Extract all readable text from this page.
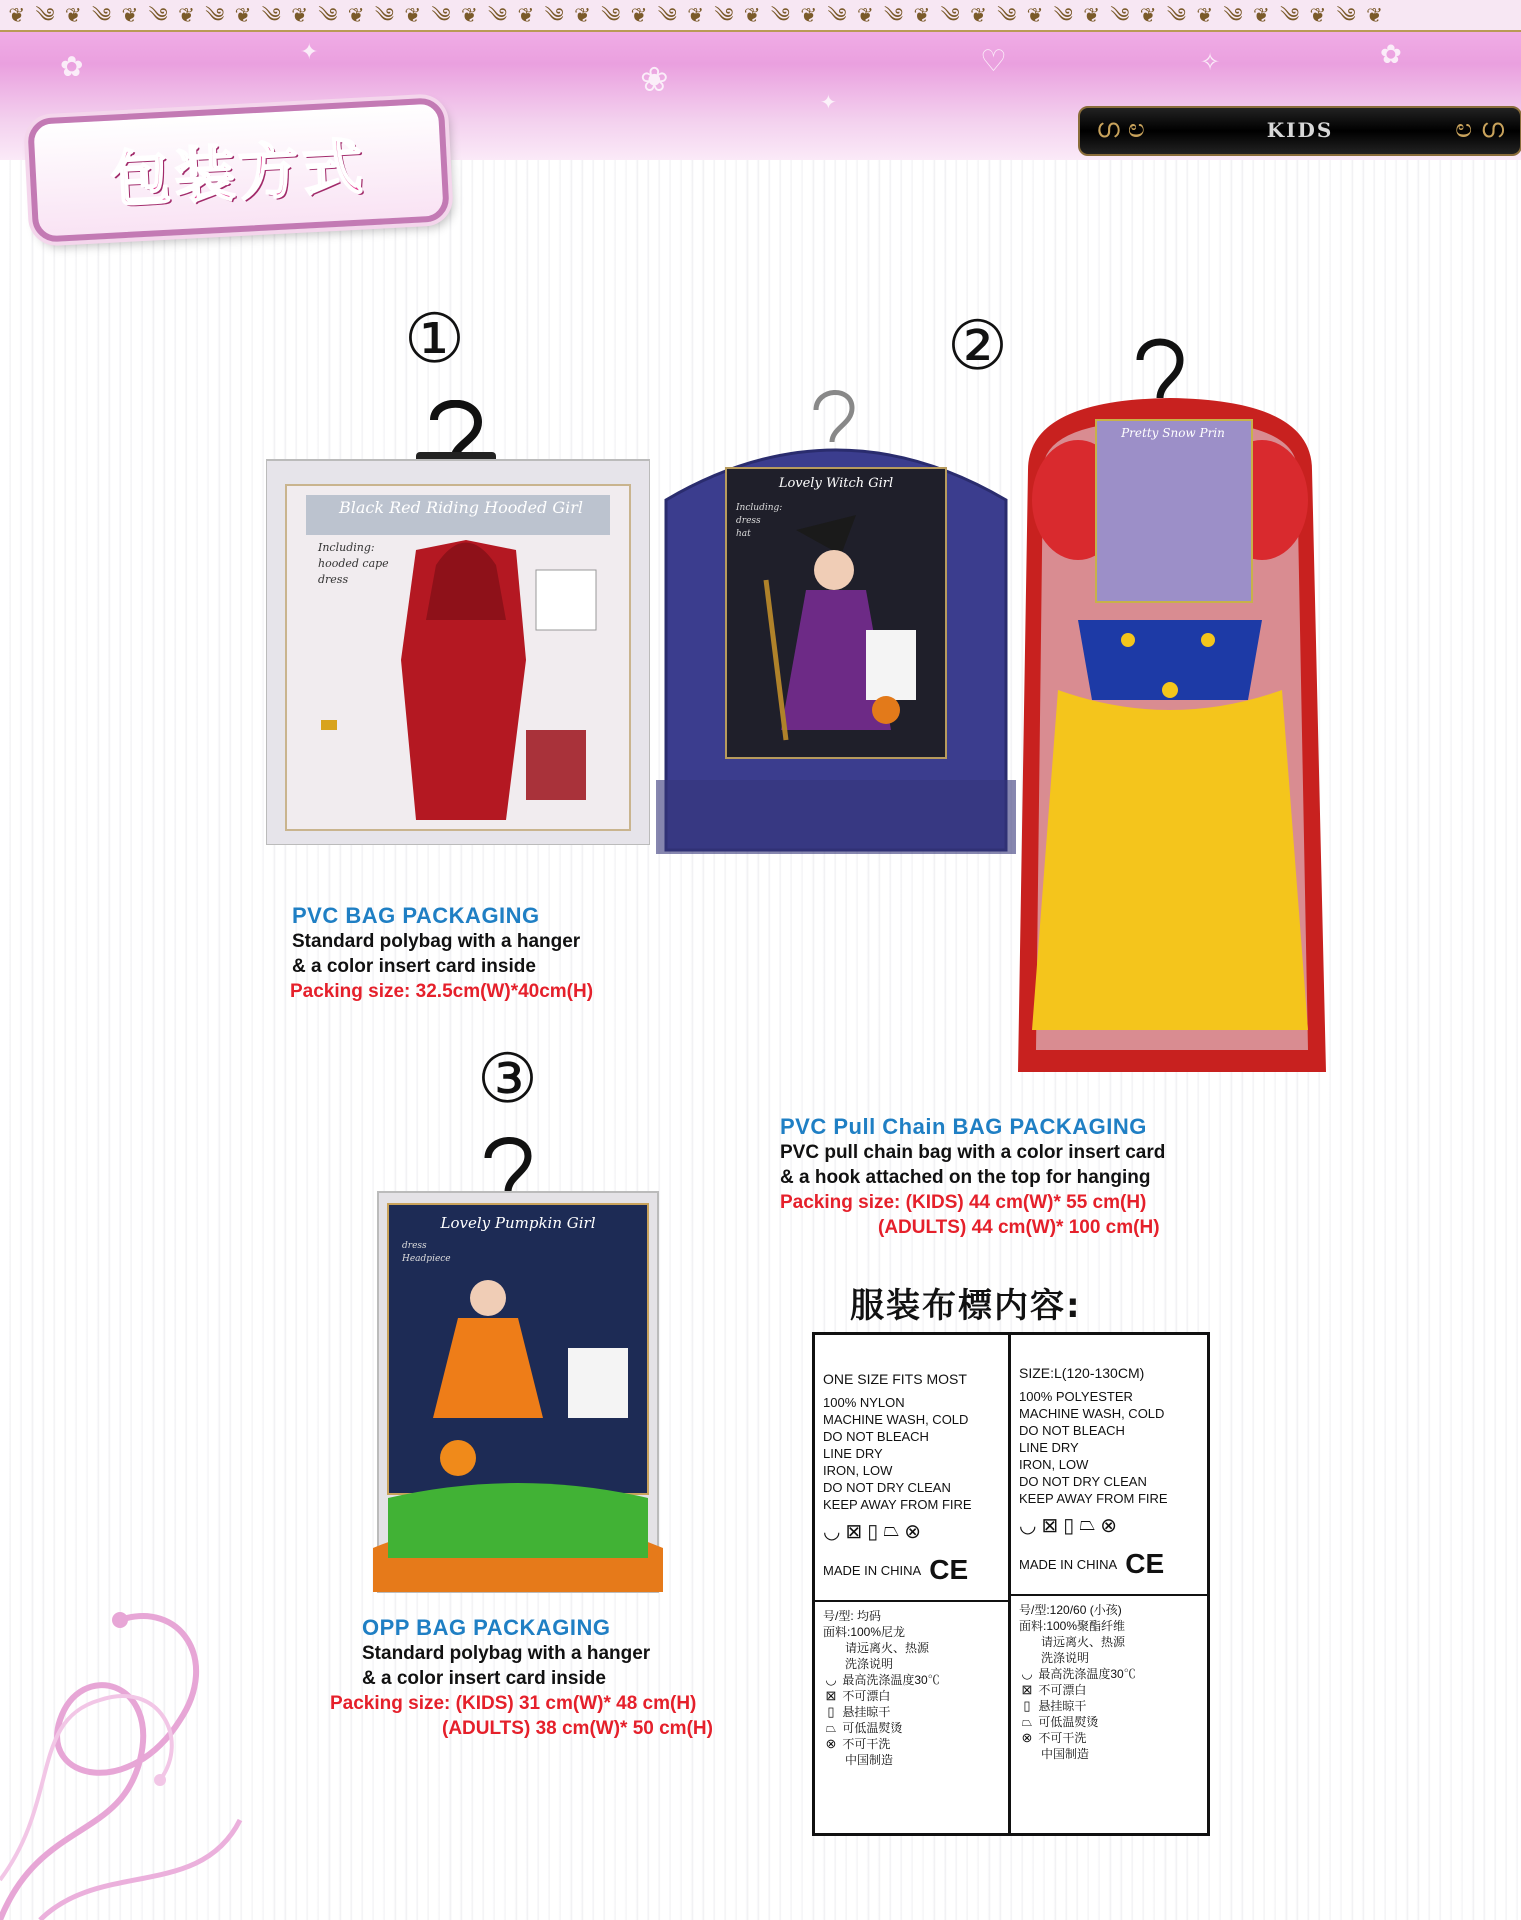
❦ ༄ ❦ ༄ ❦ ༄ ❦ ༄ ❦ ༄ ❦ ༄ ❦ ༄ ❦ ༄ ❦ ༄ ❦ ༄ ❦ ༄ ❦ ༄ ❦ ༄ ❦ ༄ ❦ ༄ ❦ ༄ ❦ ༄ ❦ ༄ ❦ ༄ ❦ ༄ ❦ ༄ ❦ ༄ ❦ ༄ ❦ ༄ ❦
✿	✦
❀	♡	✧	✿
✦
包装方式
ഗ ಲ	ಲ ഗ
KIDS
①
Black Red Riding Hooded Girl
Including:
hooded cape
dress
PVC BAG PACKAGING
Standard polybag with a hanger
& a color insert card inside
Packing size: 32.5cm(W)*40cm(H)
②
Lovely Witch Girl
Including:
dress
hat
Pretty Snow Prin
PVC Pull Chain BAG PACKAGING
PVC pull chain bag with a color insert card
& a hook attached on the top for hanging
Packing size: (KIDS) 44 cm(W)* 55 cm(H)
(ADULTS) 44 cm(W)* 100 cm(H)
③
Lovely Pumpkin Girl
dress
Headpiece
OPP BAG PACKAGING
Standard polybag with a hanger
& a color insert card inside
Packing size: (KIDS) 31 cm(W)* 48 cm(H)
(ADULTS) 38 cm(W)* 50 cm(H)
服装布標内容:
ONE SIZE FITS MOST
100% NYLON
MACHINE WASH, COLD
DO NOT BLEACH
LINE DRY
IRON, LOW
DO NOT DRY CLEAN
KEEP AWAY FROM FIRE
◡ ⊠ ▯ ⏢ ⊗
MADE IN CHINA CE
号/型: 均码
面料:100%尼龙
请远离火、热源
洗涤说明
◡ 最高洗涤温度30℃
⊠ 不可漂白
▯ 悬挂晾干
⏢ 可低温熨烫
⊗ 不可干洗
中国制造
SIZE:L(120-130CM)
100% POLYESTER
MACHINE WASH, COLD
DO NOT BLEACH
LINE DRY
IRON, LOW
DO NOT DRY CLEAN
KEEP AWAY FROM FIRE
◡ ⊠ ▯ ⏢ ⊗
MADE IN CHINA CE
号/型:120/60 (小孩)
面料:100%聚酯纤维
请远离火、热源
洗涤说明
◡ 最高洗涤温度30℃
⊠ 不可漂白
▯ 悬挂晾干
⏢ 可低温熨烫
⊗ 不可干洗
中国制造
